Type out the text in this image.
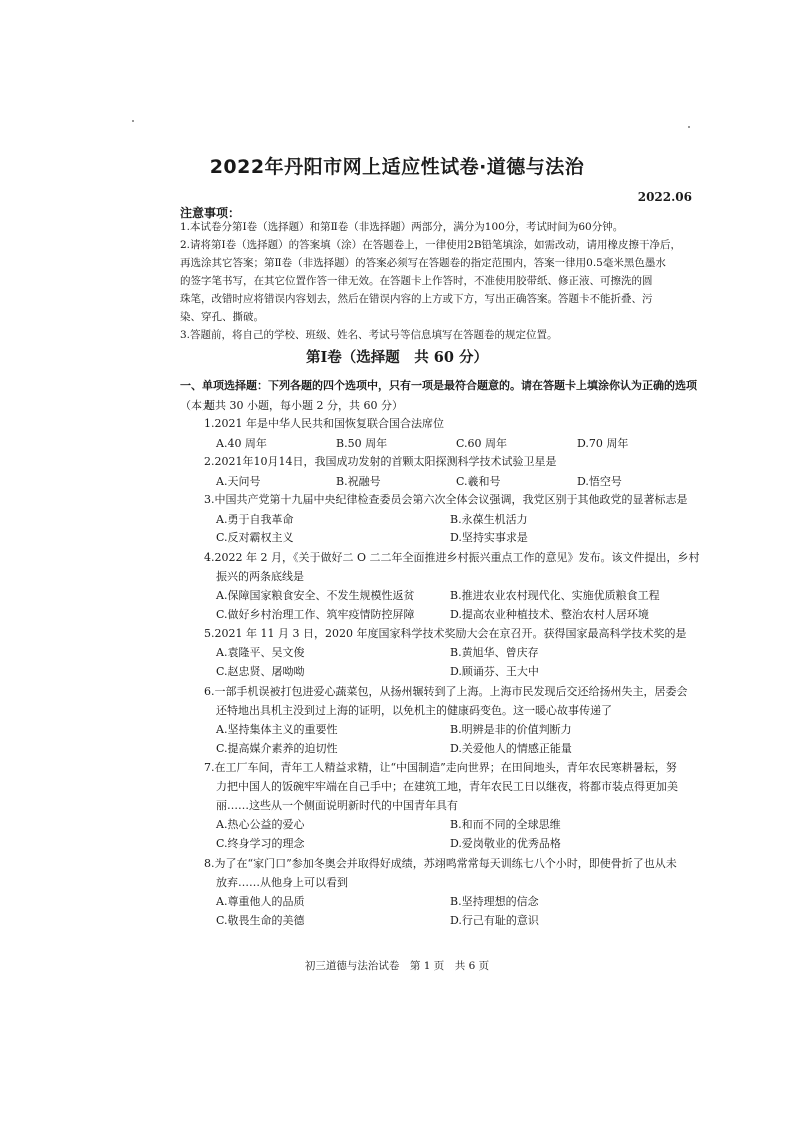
2022年丹阳市网上适应性试卷·道德与法治
2022.06
注意事项：
1.本试卷分第Ⅰ卷（选择题）和第Ⅱ卷（非选择题）两部分，满分为100分，考试时间为60分钟。
2.请将第Ⅰ卷（选择题）的答案填（涂）在答题卷上，一律使用2B铅笔填涂，如需改动，请用橡皮擦干净后，
再选涂其它答案；第Ⅱ卷（非选择题）的答案必须写在答题卷的指定范围内，答案一律用0.5毫米黑色墨水
的签字笔书写，在其它位置作答一律无效。在答题卡上作答时，不准使用胶带纸、修正液、可擦洗的圆
珠笔，改错时应将错误内容划去，然后在错误内容的上方或下方，写出正确答案。答题卡不能折叠、污
染、穿孔、撕破。
3.答题前，将自己的学校、班级、姓名、考试号等信息填写在答题卷的规定位置。
第Ⅰ卷（选择题　共 60 分）
一、单项选择题：下列各题的四个选项中，只有一项是最符合题意的。请在答题卡上填涂你认为正确的选项（本大
题共 30 小题，每小题 2 分，共 60 分）
1.2021 年是中华人民共和国恢复联合国合法席位
A.40 周年	B.50 周年	C.60 周年	D.70 周年
2.2021年10月14日，我国成功发射的首颗太阳探测科学技术试验卫星是
A.天问号	B.祝融号	C.羲和号	D.悟空号
3.中国共产党第十九届中央纪律检查委员会第六次全体会议强调，我党区别于其他政党的显著标志是
A.勇于自我革命	B.永葆生机活力
C.反对霸权主义	D.坚持实事求是
4.2022 年 2 月，《关于做好二 O 二二年全面推进乡村振兴重点工作的意见》发布。该文件提出，乡村
振兴的两条底线是
A.保障国家粮食安全、不发生规模性返贫	B.推进农业农村现代化、实施优质粮食工程
C.做好乡村治理工作、筑牢疫情防控屏障	D.提高农业种植技术、整治农村人居环境
5.2021 年 11 月 3 日，2020 年度国家科学技术奖励大会在京召开。获得国家最高科学技术奖的是
A.袁隆平、吴文俊	B.黄旭华、曾庆存
C.赵忠贤、屠呦呦	D.顾诵芬、王大中
6.一部手机误被打包进爱心蔬菜包，从扬州辗转到了上海。上海市民发现后交还给扬州失主，居委会
还特地出具机主没到过上海的证明，以免机主的健康码变色。这一暖心故事传递了
A.坚持集体主义的重要性	B.明辨是非的价值判断力
C.提高媒介素养的迫切性	D.关爱他人的情感正能量
7.在工厂车间，青年工人精益求精，让“中国制造”走向世界；在田间地头，青年农民寒耕暑耘，努
力把中国人的饭碗牢牢端在自己手中；在建筑工地，青年农民工日以继夜，将都市装点得更加美
丽……这些从一个侧面说明新时代的中国青年具有
A.热心公益的爱心	B.和而不同的全球思维
C.终身学习的理念	D.爱岗敬业的优秀品格
8.为了在“家门口”参加冬奥会并取得好成绩，苏翊鸣常常每天训练七八个小时，即使骨折了也从未
放弃……从他身上可以看到
A.尊重他人的品质	B.坚持理想的信念
C.敬畏生命的美德	D.行己有耻的意识
初三道德与法治试卷　第 1 页　共 6 页
